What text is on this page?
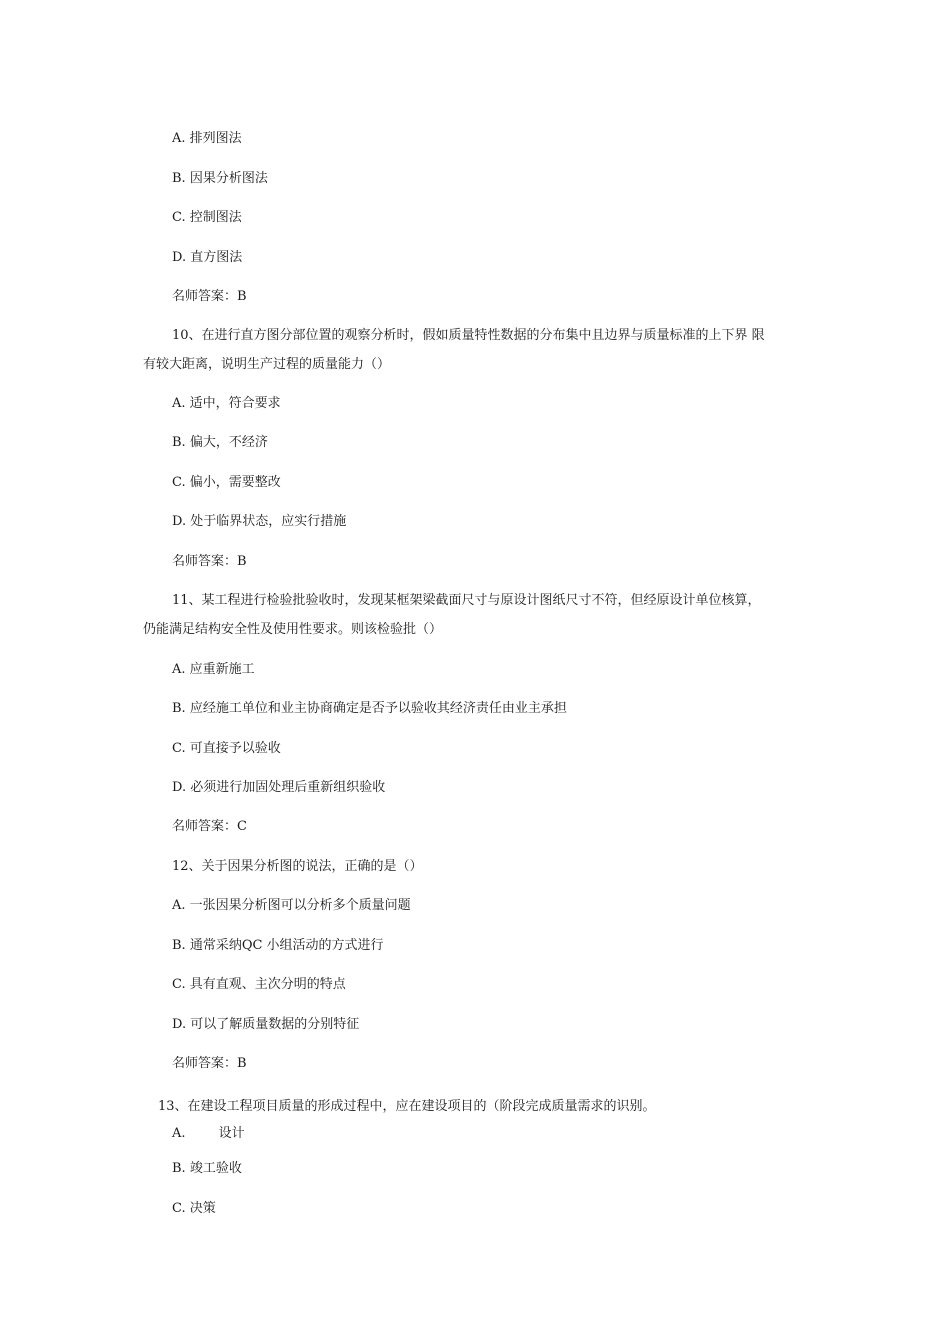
A. 排列图法
B. 因果分析图法
C. 控制图法
D. 直方图法
名师答案：B
10、在进行直方图分部位置的观察分析时，假如质量特性数据的分布集中且边界与质量标准的上下界 限
有较大距离，说明生产过程的质量能力（）
A. 适中，符合要求
B. 偏大，不经济
C. 偏小，需要整改
D. 处于临界状态，应实行措施
名师答案：B
11、某工程进行检验批验收时，发现某框架梁截面尺寸与原设计图纸尺寸不符，但经原设计单位核算，
仍能满足结构安全性及使用性要求。则该检验批（）
A. 应重新施工
B. 应经施工单位和业主协商确定是否予以验收其经济责任由业主承担
C. 可直接予以验收
D. 必须进行加固处理后重新组织验收
名师答案：C
12、关于因果分析图的说法，正确的是（）
A. 一张因果分析图可以分析多个质量问题
B. 通常采纳QC 小组活动的方式进行
C. 具有直观、主次分明的特点
D. 可以了解质量数据的分别特征
名师答案：B
13、在建设工程项目质量的形成过程中，应在建设项目的（阶段完成质量需求的识别。
A.        设计
B. 竣工验收
C. 决策
